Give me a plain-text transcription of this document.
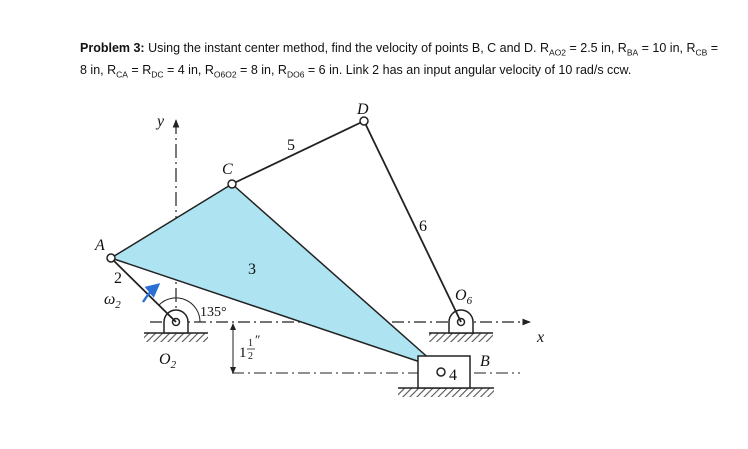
Problem 3: Using the instant center method, find the velocity of points B, C and D. $R_{AO2} = 2.5$ in, $R_{BA} = 10$ in, $R_{CB} = 8$ in, $R_{CA} = R_{DC} = 4$ in, $R_{O6O2} = 8$ in, $R_{DO6} = 6$ in. Link 2 has an input angular velocity of 10 rad/s ccw.
y
x
A
C
D
B
2
3
4
5
6
$\omega_2$	135°
$O_2$
$O_6$
1
1
2
″
